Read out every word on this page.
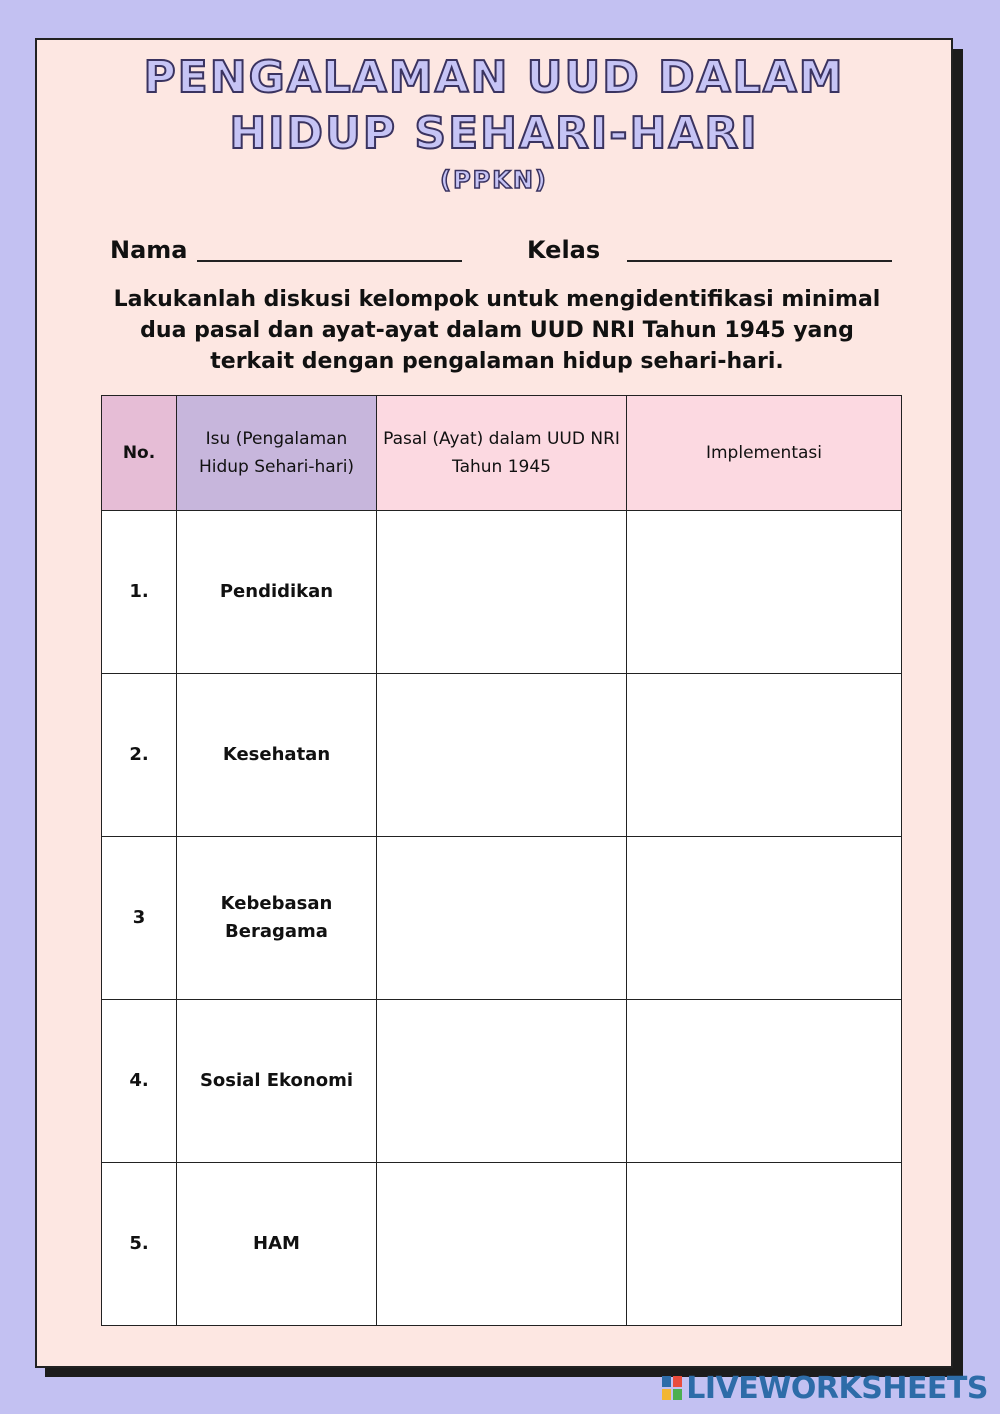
PENGALAMAN UUD DALAM
HIDUP SEHARI-HARI
(PPKN)
Nama	Kelas
Lakukanlah diskusi kelompok untuk mengidentifikasi minimal dua pasal dan ayat-ayat dalam UUD NRI Tahun 1945 yang terkait dengan pengalaman hidup sehari-hari.
No.	Isu (Pengalaman Hidup Sehari-hari)	Pasal (Ayat) dalam UUD NRI Tahun 1945	Implementasi
1.	Pendidikan		
2.	Kesehatan		
3	Kebebasan Beragama		
4.	Sosial Ekonomi		
5.	HAM		
LIVEWORKSHEETS
